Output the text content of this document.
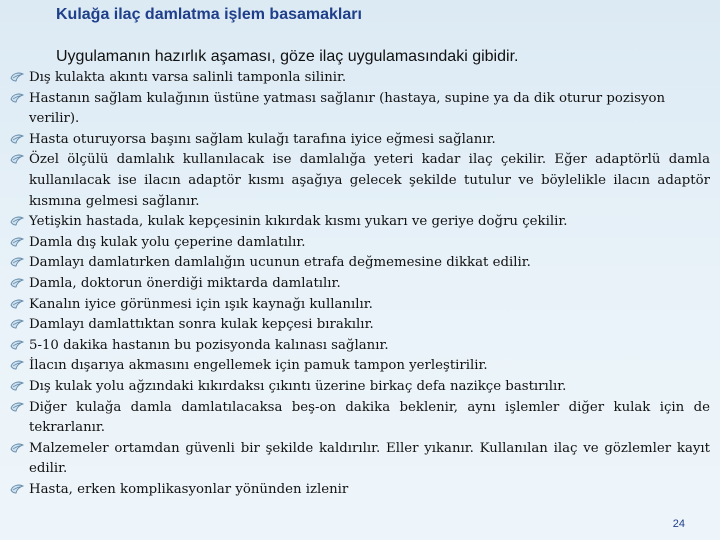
Kulağa ilaç damlatma işlem basamakları
Uygulamanın hazırlık aşaması, göze ilaç uygulamasındaki gibidir.
Dış kulakta akıntı varsa salinli tamponla silinir.
Hastanın sağlam kulağının üstüne yatması sağlanır (hastaya, supine ya da dik oturur pozisyon verilir).
Hasta oturuyorsa başını sağlam kulağı tarafına iyice eğmesi sağlanır.
Özel ölçülü damlalık kullanılacak ise damlalığa yeteri kadar ilaç çekilir. Eğer adaptörlü damla kullanılacak ise ilacın adaptör kısmı aşağıya gelecek şekilde tutulur ve böylelikle ilacın adaptör kısmına gelmesi sağlanır.
Yetişkin hastada, kulak kepçesinin kıkırdak kısmı yukarı ve geriye doğru çekilir.
Damla dış kulak yolu çeperine damlatılır.
Damlayı damlatırken damlalığın ucunun etrafa değmemesine dikkat edilir.
Damla, doktorun önerdiği miktarda damlatılır.
Kanalın iyice görünmesi için ışık kaynağı kullanılır.
Damlayı damlattıktan sonra kulak kepçesi bırakılır.
5-10 dakika hastanın bu pozisyonda kalınası sağlanır.
İlacın dışarıya akmasını engellemek için pamuk tampon yerleştirilir.
Dış kulak yolu ağzındaki kıkırdaksı çıkıntı üzerine birkaç defa nazikçe bastırılır.
Diğer kulağa damla damlatılacaksa beş-on dakika beklenir, aynı işlemler diğer kulak için de tekrarlanır.
Malzemeler ortamdan güvenli bir şekilde kaldırılır. Eller yıkanır. Kullanılan ilaç ve gözlemler kayıt edilir.
Hasta, erken komplikasyonlar yönünden izlenir
24
